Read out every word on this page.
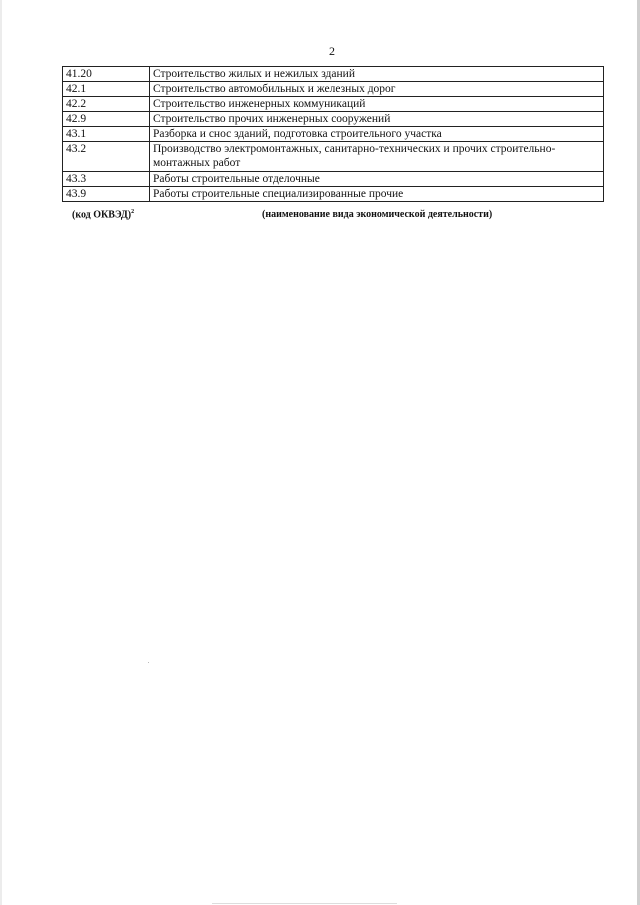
2
41.20	Строительство жилых и нежилых зданий
42.1	Строительство автомобильных и железных дорог
42.2	Строительство инженерных коммуникаций
42.9	Строительство прочих инженерных сооружений
43.1	Разборка и снос зданий, подготовка строительного участка
43.2	Производство электромонтажных, санитарно-технических и прочих строительно-монтажных работ
43.3	Работы строительные отделочные
43.9	Работы строительные специализированные прочие
(код ОКВЭД)$^2$	(наименование вида экономической деятельности)
